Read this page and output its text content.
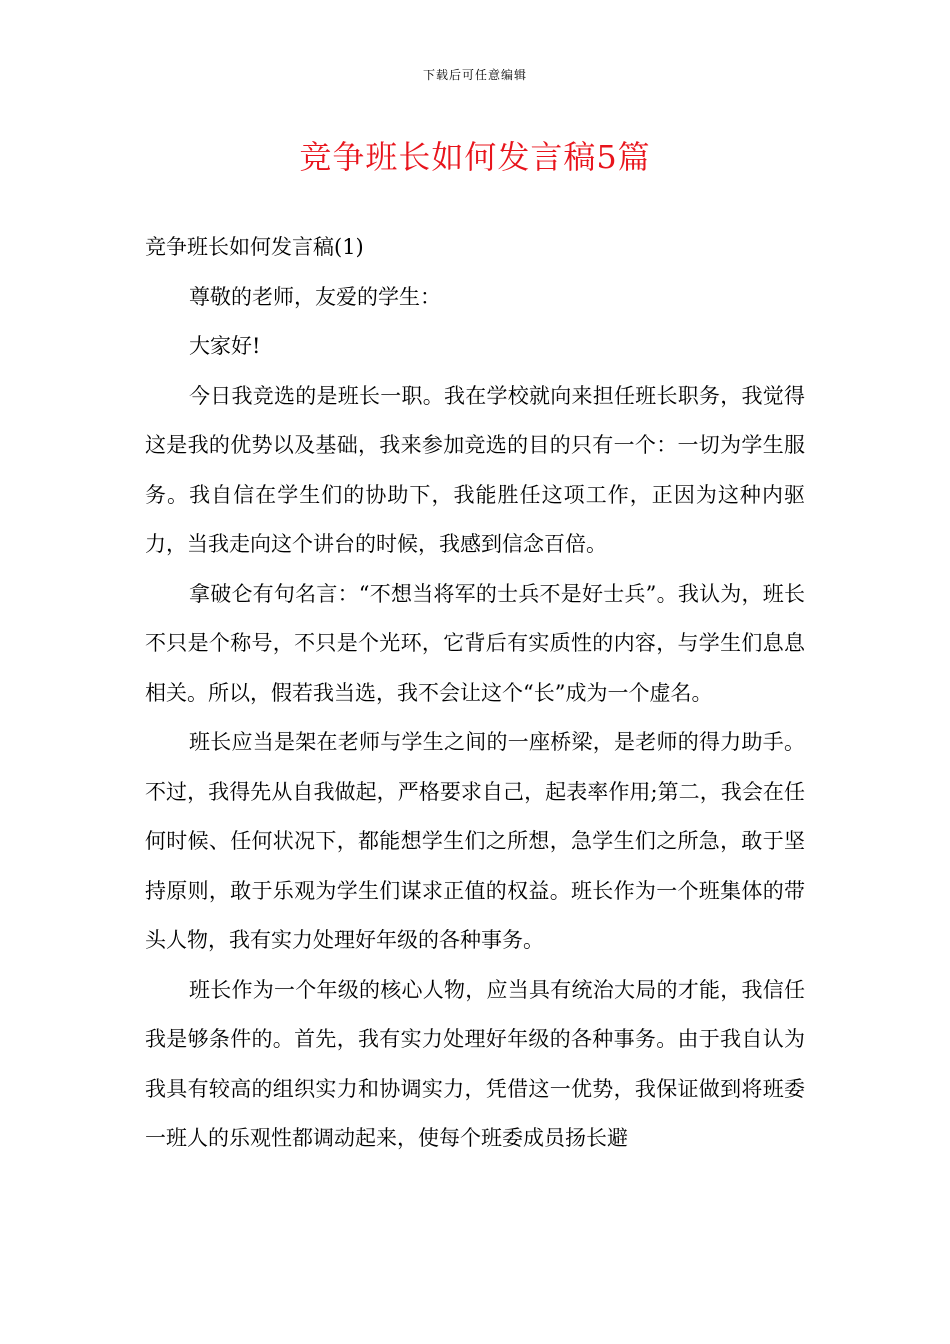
下载后可任意编辑
竞争班长如何发言稿5篇

竞争班长如何发言稿(1)

尊敬的老师，友爱的学生：

大家好!

今日我竞选的是班长一职。我在学校就向来担任班长职务，我觉得这是我的优势以及基础，我来参加竞选的目的只有一个：一切为学生服务。我自信在学生们的协助下，我能胜任这项工作，正因为这种内驱力，当我走向这个讲台的时候，我感到信念百倍。

拿破仑有句名言：“不想当将军的士兵不是好士兵”。我认为，班长不只是个称号，不只是个光环，它背后有实质性的内容，与学生们息息相关。所以，假若我当选，我不会让这个“长”成为一个虚名。

班长应当是架在老师与学生之间的一座桥梁，是老师的得力助手。不过，我得先从自我做起，严格要求自己，起表率作用;第二，我会在任何时候、任何状况下，都能想学生们之所想，急学生们之所急，敢于坚持原则，敢于乐观为学生们谋求正值的权益。班长作为一个班集体的带头人物，我有实力处理好年级的各种事务。

班长作为一个年级的核心人物，应当具有统治大局的才能，我信任我是够条件的。首先，我有实力处理好年级的各种事务。由于我自认为我具有较高的组织实力和协调实力，凭借这一优势，我保证做到将班委一班人的乐观性都调动起来，使每个班委成员扬长避
